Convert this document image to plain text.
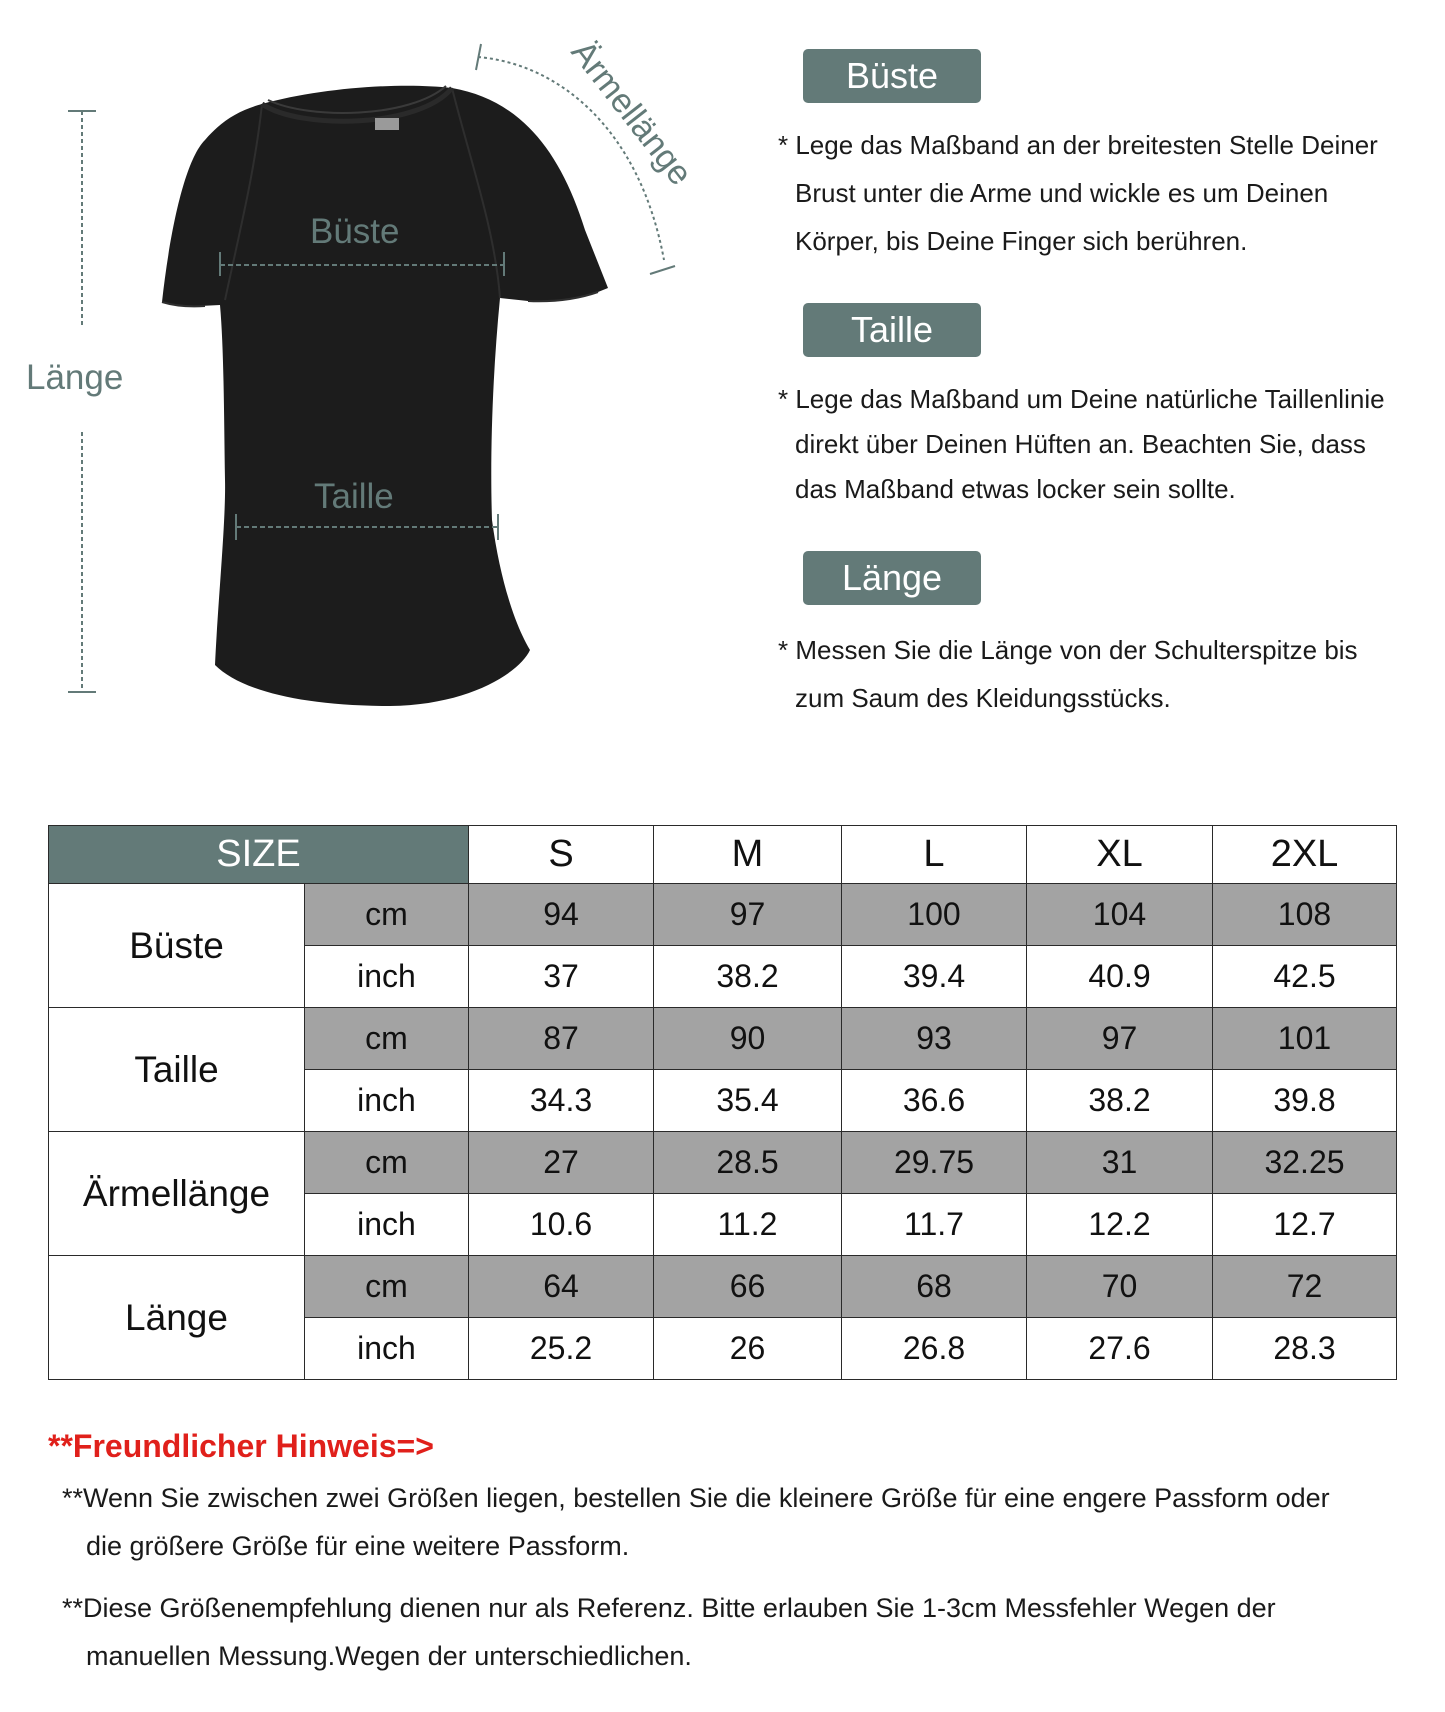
Ärmellänge
Büste
Taille
Länge
Büste
* Lege das Maßband an der breitesten Stelle Deiner
Brust unter die Arme und wickle es um Deinen
Körper, bis Deine Finger sich berühren.
Taille
* Lege das Maßband um Deine natürliche Taillenlinie
direkt über Deinen Hüften an. Beachten Sie, dass
das Maßband etwas locker sein sollte.
Länge
* Messen Sie die Länge von der Schulterspitze bis
zum Saum des Kleidungsstücks.
SIZE		S	M	L	XL	2XL
Büste	cm	94	97	100	104	108
	inch	37	38.2	39.4	40.9	42.5
Taille	cm	87	90	93	97	101
	inch	34.3	35.4	36.6	38.2	39.8
Ärmellänge	cm	27	28.5	29.75	31	32.25
	inch	10.6	11.2	11.7	12.2	12.7
Länge	cm	64	66	68	70	72
	inch	25.2	26	26.8	27.6	28.3
**Freundlicher Hinweis=>
**Wenn Sie zwischen zwei Größen liegen, bestellen Sie die kleinere Größe für eine engere Passform oder
die größere Größe für eine weitere Passform.
**Diese Größenempfehlung dienen nur als Referenz. Bitte erlauben Sie 1-3cm Messfehler Wegen der
manuellen Messung.Wegen der unterschiedlichen.
